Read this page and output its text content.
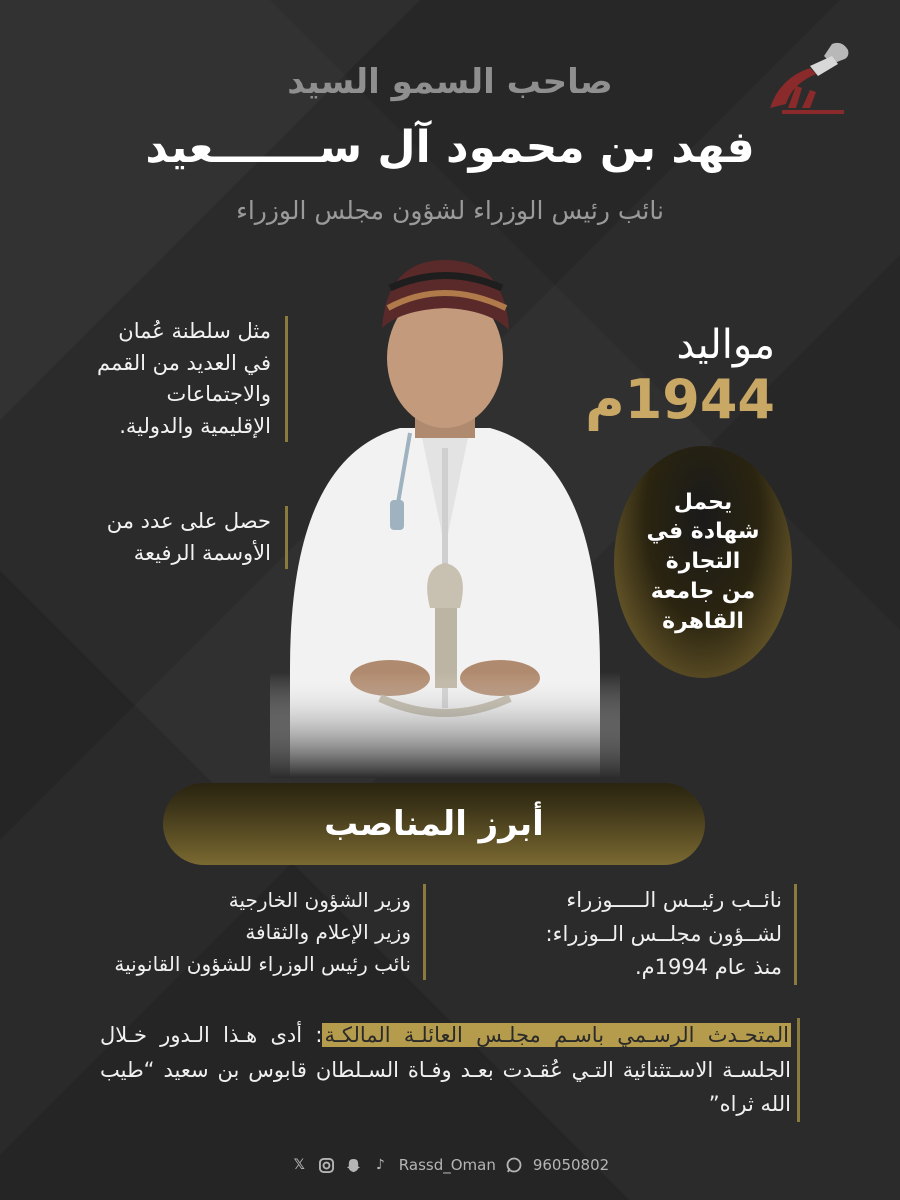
صاحب السمو السيد
فهد بن محمود آل ســـــــعيد
نائب رئيس الوزراء لشؤون مجلس الوزراء
مثل سلطنة عُمان
في العديد من القمم
والاجتماعات
الإقليمية والدولية.
حصل على عدد من
الأوسمة الرفيعة
مواليد
1944م
يحمل
شهادة في
التجارة
من جامعة
القاهرة
أبرز المناصب
نائــب رئيــس الـــــوزراء
لشــؤون مجلــس الــوزراء:
منذ عام 1994م.
وزير الشؤون الخارجية
وزير الإعلام والثقافة
نائب رئيس الوزراء للشؤون القانونية
المتحـدث الرسـمي باسـم مجلـس العائلـة المالكـة: أدى هـذا الـدور خـلال الجلسـة الاسـتثنائية التـي عُقـدت بعـد وفـاة السـلطان قابوس بن سعيد “طيب الله ثراه”
𝕏	♪ Rassd_Oman 96050802
